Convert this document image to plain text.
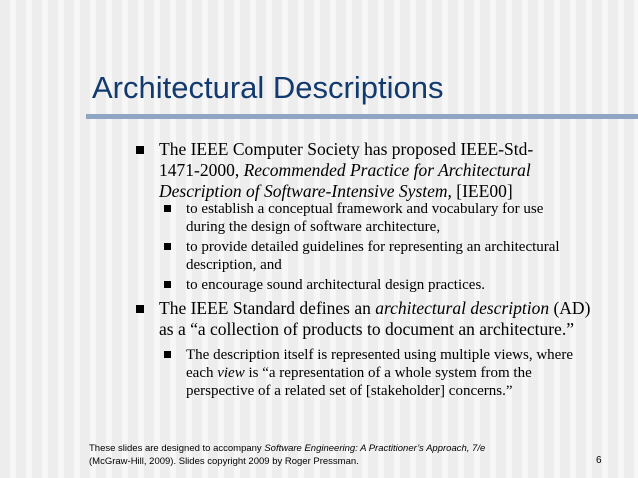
Architectural Descriptions
The IEEE Computer Society has proposed IEEE-Std-
1471-2000, Recommended Practice for Architectural
Description of Software-Intensive System, [IEE00]
to establish a conceptual framework and vocabulary for use
during the design of software architecture,
to provide detailed guidelines for representing an architectural
description, and
to encourage sound architectural design practices.
The IEEE Standard defines an architectural description (AD)
as a “a collection of products to document an architecture.”
The description itself is represented using multiple views, where
each view is “a representation of a whole system from the
perspective of a related set of [stakeholder] concerns.”
These slides are designed to accompany Software Engineering: A Practitioner’s Approach, 7/e
(McGraw-Hill, 2009). Slides copyright 2009 by Roger Pressman.	6
